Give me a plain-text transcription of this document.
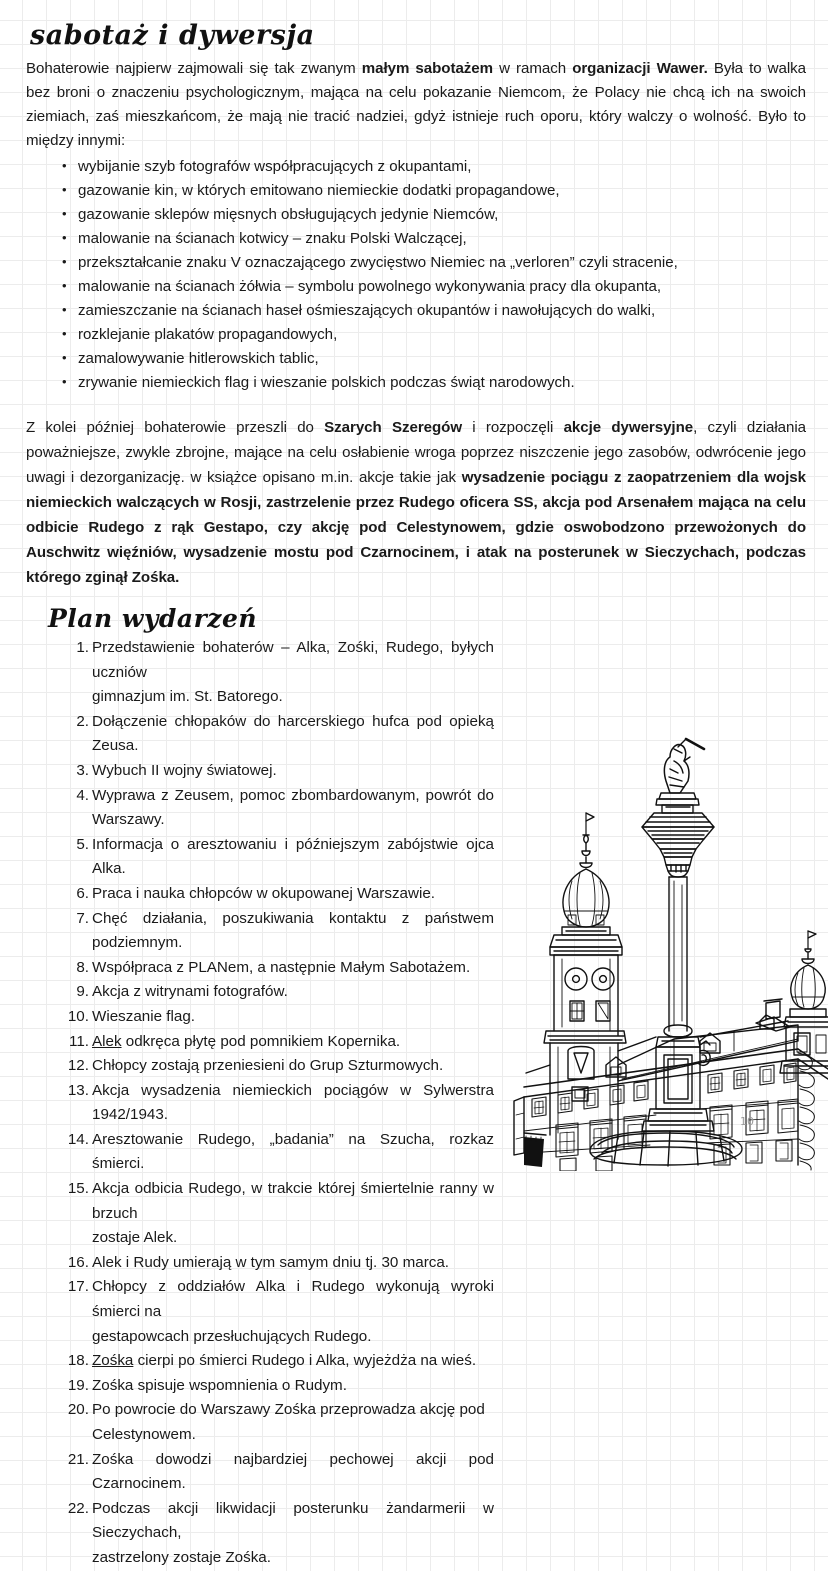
10
sabotaż i dywersja

Bohaterowie najpierw zajmowali się tak zwanym małym sabotażem w ramach organizacji Wawer. Była to walka bez broni o znaczeniu psychologicznym, mająca na celu pokazanie Niemcom, że Polacy nie chcą ich na swoich ziemiach, zaś mieszkańcom, że mają nie tracić nadziei, gdyż istnieje ruch oporu, który walczy o wolność. Było to między innymi:

• wybijanie szyb fotografów współpracujących z okupantami,
• gazowanie kin, w których emitowano niemieckie dodatki propagandowe,
• gazowanie sklepów mięsnych obsługujących jedynie Niemców,
• malowanie na ścianach kotwicy – znaku Polski Walczącej,
• przekształcanie znaku V oznaczającego zwycięstwo Niemiec na „verloren” czyli stracenie,
• malowanie na ścianach żółwia – symbolu powolnego wykonywania pracy dla okupanta,
• zamieszczanie na ścianach haseł ośmieszających okupantów i nawołujących do walki,
• rozklejanie plakatów propagandowych,
• zamalowywanie hitlerowskich tablic,
• zrywanie niemieckich flag i wieszanie polskich podczas świąt narodowych.

Z kolei później bohaterowie przeszli do Szarych Szeregów i rozpoczęli akcje dywersyjne, czyli działania poważniejsze, zwykle zbrojne, mające na celu osłabienie wroga poprzez niszczenie jego zasobów, odwrócenie jego uwagi i dezorganizację. w książce opisano m.in. akcje takie jak wysadzenie pociągu z zaopatrzeniem dla wojsk niemieckich walczących w Rosji, zastrzelenie przez Rudego oficera SS, akcja pod Arsenałem mająca na celu odbicie Rudego z rąk Gestapo, czy akcję pod Celestynowem, gdzie oswobodzono przewożonych do Auschwitz więźniów, wysadzenie mostu pod Czarnocinem, i atak na posterunek w Sieczychach, podczas którego zginął Zośka.

Plan wydarzeń
Przedstawienie bohaterów – Alka, Zośki, Rudego, byłych uczniów
gimnazjum im. St. Batorego.
Dołączenie chłopaków do harcerskiego hufca pod opieką Zeusa.
Wybuch II wojny światowej.
Wyprawa z Zeusem, pomoc zbombardowanym, powrót do Warszawy.
Informacja o aresztowaniu i późniejszym zabójstwie ojca Alka.
Praca i nauka chłopców w okupowanej Warszawie.
Chęć działania, poszukiwania kontaktu z państwem podziemnym.
Współpraca z PLANem, a następnie Małym Sabotażem.
Akcja z witrynami fotografów.
Wieszanie flag.
Alek odkręca płytę pod pomnikiem Kopernika.
Chłopcy zostają przeniesieni do Grup Szturmowych.
Akcja wysadzenia niemieckich pociągów w Sylwerstra 1942/1943.
Aresztowanie Rudego, „badania” na Szucha, rozkaz śmierci.
Akcja odbicia Rudego, w trakcie której śmiertelnie ranny w brzuch
zostaje Alek.
Alek i Rudy umierają w tym samym dniu tj. 30 marca.
Chłopcy z oddziałów Alka i Rudego wykonują wyroki śmierci na
gestapowcach przesłuchujących Rudego.
Zośka cierpi po śmierci Rudego i Alka, wyjeżdża na wieś.
Zośka spisuje wspomnienia o Rudym.
Po powrocie do Warszawy Zośka przeprowadza akcję pod
Celestynowem.
Zośka dowodzi najbardziej pechowej akcji pod Czarnocinem.
Podczas akcji likwidacji posterunku żandarmerii w Sieczychach,
zastrzelony zostaje Zośka.
